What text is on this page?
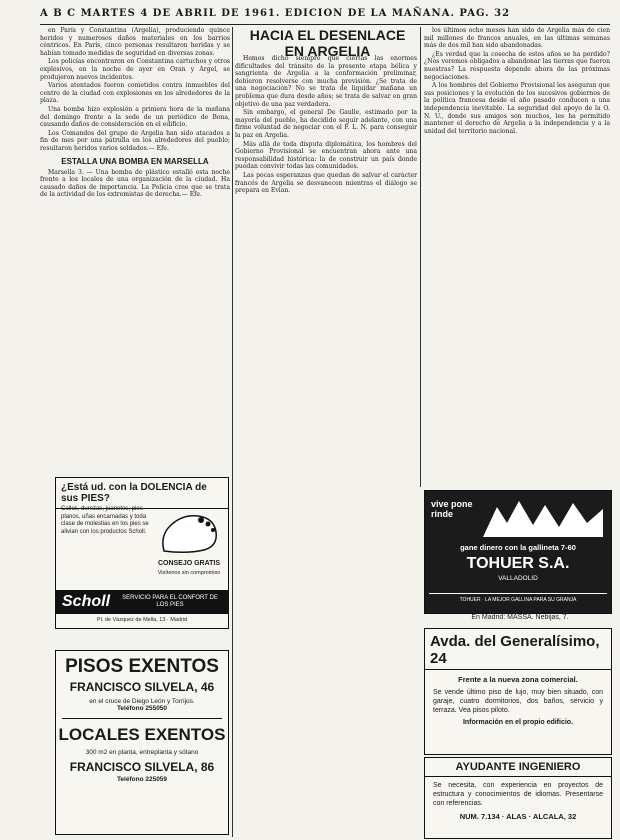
A B C MARTES 4 DE ABRIL DE 1961. EDICION DE LA MAÑANA. PAG. 32

en París y Constantina (Argelia), produciendo quince heridos y numerosos daños materiales en los barrios céntricos. En París, cinco personas resultaron heridas y se habían tomado medidas de seguridad en diversas zonas.

Los policías encontraron en Constantina cartuchos y otros explosivos, en la noche de ayer en Oran y Argel, se produjeron nuevos incidentes.

Varios atentados fueron cometidos contra inmuebles del centro de la ciudad con explosiones en los alrededores de la plaza.

Una bomba hizo explosión a primera hora de la mañana del domingo frente a la sede de un periódico de Bona, causando daños de consideración en el edificio.

Los Comandos del grupo de Argelia han sido atacados a fin de mes por una patrulla en los alrededores del pueblo; resultaron heridos varios soldados.— Efe.

ESTALLA UNA BOMBA EN MARSELLA

Marsella 3. — Una bomba de plástico estalló esta noche frente a los locales de una organización de la ciudad. Ha causado daños de importancia. La Policía cree que se trata de la actividad de los extremistas de derecha.— Efe.

HACIA EL DESENLACE EN ARGELIA

Hemos dicho siempre que ciertas las enormes dificultades del tránsito de la presente etapa bélica y sangrienta de Argelia a la conformación preliminar, debieron resolverse con mucha previsión. ¿Se trata de una negociación? No se trata de liquidar mañana un problema que dura desde años; se trata de salvar en gran objetivo de una paz verdadera.

Sin embargo, el general De Gaulle, estimado por la mayoría del pueblo, ha decidido seguir adelante, con una firme voluntad de negociar con el F. L. N. para conseguir la paz en Argelia.

Más allá de toda disputa diplomática, los hombres del Gobierno Provisional se encuentran ahora ante una responsabilidad histórica: la de construir un país donde puedan convivir todas las comunidades.

Las pocas esperanzas que quedan de salvar el carácter francés de Argelia se desvanecen mientras el diálogo se prepara en Evian.

los últimos ocho meses han sido de Argelia más de cien mil millones de francos anuales, en las últimas semanas más de dos mil han sido abandonadas.

¿Es verdad que la cosecha de estos años se ha perdido? ¿Nos veremos obligados a abandonar las tierras que fueron nuestras? La respuesta depende ahora de las próximas negociaciones.

A los hombres del Gobierno Provisional les aseguran que sus posiciones y la evolución de los sucesivos gobiernos de la política francesa desde el año pasado conducen a una independencia inevitable. La seguridad del apoyo de la O. N. U., donde sus amigos son muchos, les ha permitido mantener el derecho de Argelia a la independencia y a la unidad del territorio nacional.

¿Está ud. con la DOLENCIA de sus PIES?
Callos, durezas, juanetes, pies planos, uñas encarnadas y toda clase de molestias en los pies se alivian con los productos Scholl.
CONSEJO GRATIS
Visítenos sin compromiso
Scholl	SERVICIO PARA EL CONFORT DE LOS PIES
Pl. de Vázquez de Mella, 13 · Madrid
PISOS EXENTOS
FRANCISCO SILVELA, 46
en el cruce de Diego León y Torrijos.
Teléfono 255050
LOCALES EXENTOS
300 m2 en planta, entreplanta y sótano
FRANCISCO SILVELA, 86
Teléfono 225059
vive pone rinde
gane dinero con la gallineta 7-60
TOHUER S.A.
VALLADOLID
TOHUER · LA MEJOR GALLINA PARA SU GRANJA
En Madrid: MASSA. Nebijas, 7.
Avda. del Generalísimo, 24
Frente a la nueva zona comercial.
Se vende último piso de lujo, muy bien situado, con garaje, cuatro dormitorios, dos baños, servicio y terraza. Vea pisos piloto.
Información en el propio edificio.
AYUDANTE INGENIERO
Se necesita, con experiencia en proyectos de estructura y conocimientos de idiomas. Presentarse con referencias.
NUM. 7.134 · ALAS · ALCALA, 32
